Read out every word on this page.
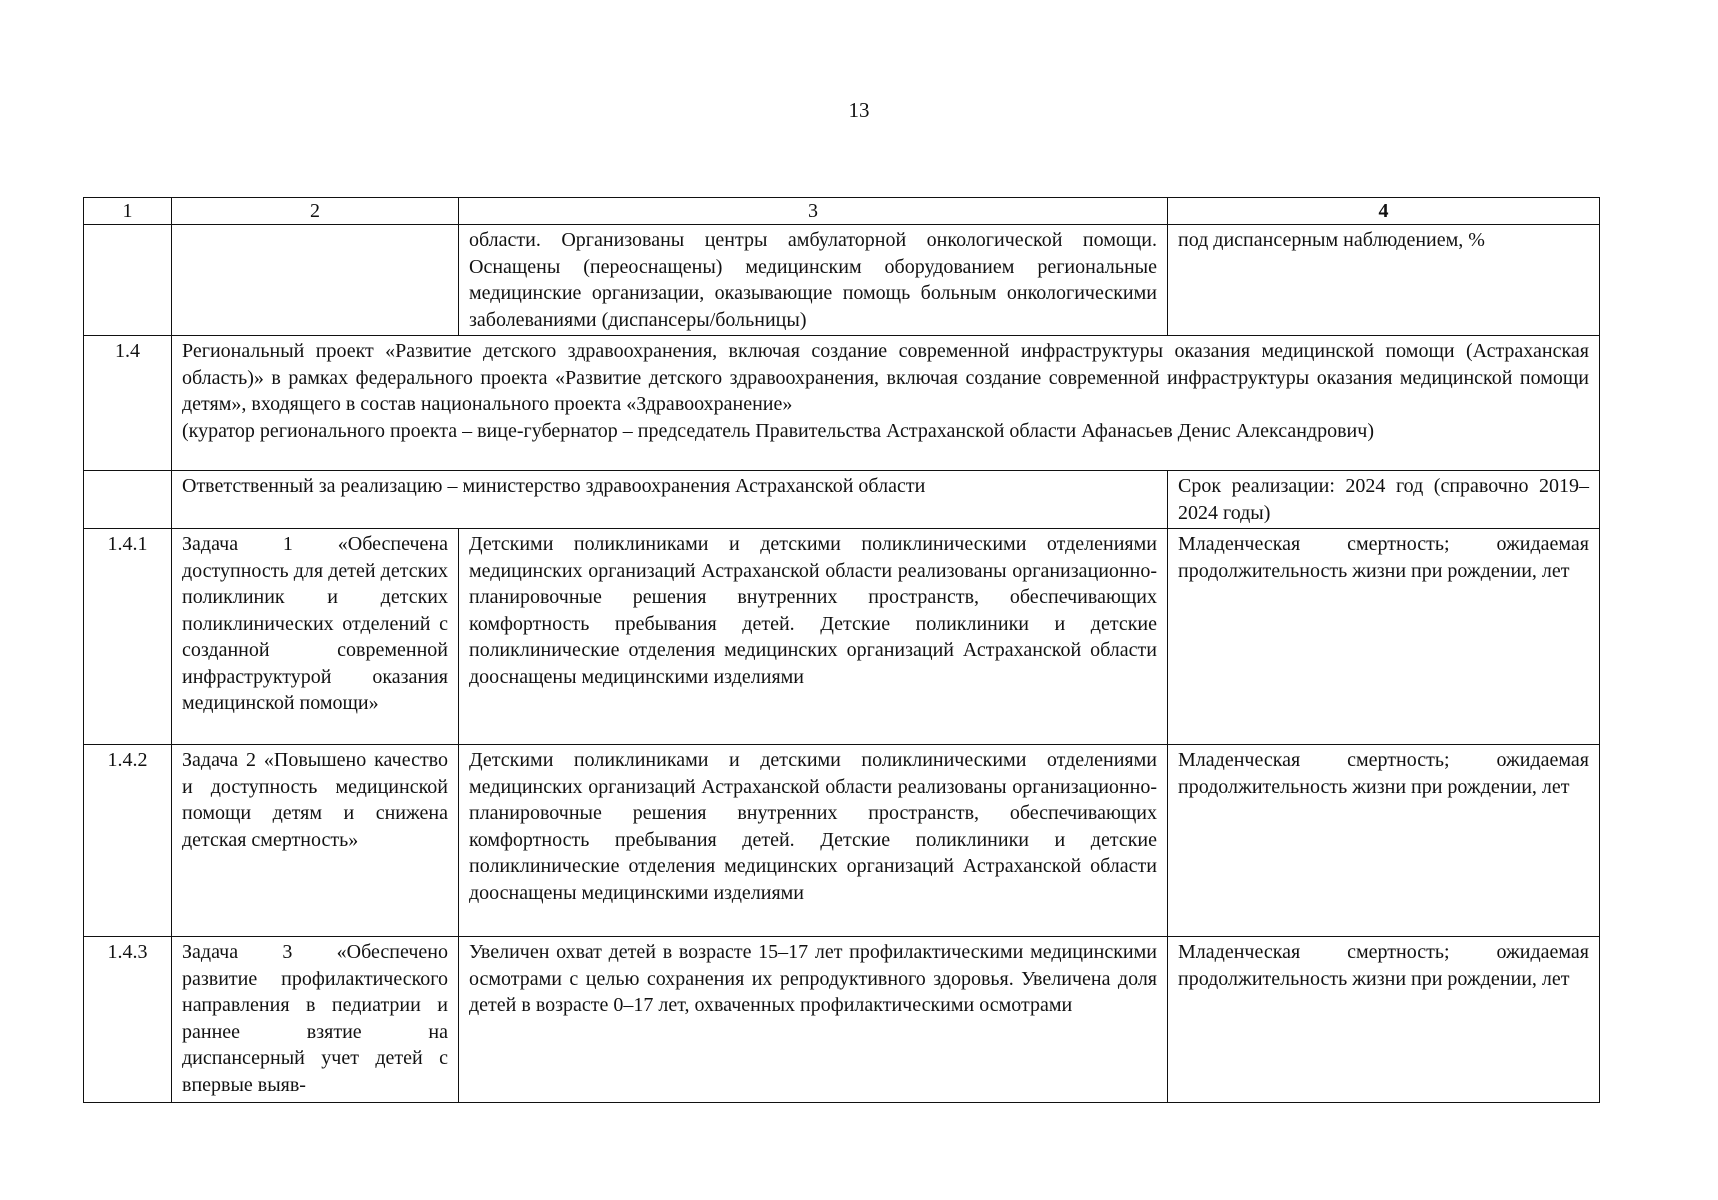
13
1	2	3	4
		области. Организованы центры амбулаторной онкологической помощи. Оснащены (переоснащены) медицинским оборудованием региональные медицинские организации, оказывающие помощь больным онкологическими заболеваниями (диспансеры/больницы)	под диспансерным наблюдением, %
1.4	Региональный проект «Развитие детского здравоохранения, включая создание современной инфраструктуры оказания медицинской помощи (Астраханская область)» в рамках федерального проекта «Развитие детского здравоохранения, включая создание современной инфраструктуры оказания медицинской помощи детям», входящего в состав национального проекта «Здравоохранение»
(куратор регионального проекта – вице-губернатор – председатель Правительства Астраханской области Афанасьев Денис Александрович)		

	Ответственный за реализацию – министерство здравоохранения Астраханской области		Срок реализации: 2024 год (справочно 2019–2024 годы)
1.4.1	Задача 1 «Обеспечена доступность для детей детских поликлиник и детских поликлинических отделений с созданной современной инфраструктурой оказания медицинской помощи»	Детскими поликлиниками и детскими поликлиническими отделениями медицинских организаций Астраханской области реализованы организационно-планировочные решения внутренних пространств, обеспечивающих комфортность пребывания детей. Детские поликлиники и детские поликлинические отделения медицинских организаций Астраханской области дооснащены медицинскими изделиями	Младенческая смертность; ожидаемая продолжительность жизни при рождении, лет
1.4.2	Задача 2 «Повышено качество и доступность медицинской помощи детям и снижена детская смертность»	Детскими поликлиниками и детскими поликлиническими отделениями медицинских организаций Астраханской области реализованы организационно-планировочные решения внутренних пространств, обеспечивающих комфортность пребывания детей. Детские поликлиники и детские поликлинические отделения медицинских организаций Астраханской области дооснащены медицинскими изделиями	Младенческая смертность; ожидаемая продолжительность жизни при рождении, лет
1.4.3	Задача 3 «Обеспечено развитие профилактического направления в педиатрии и раннее взятие на диспансерный учет детей с впервые выяв-	Увеличен охват детей в возрасте 15–17 лет профилактическими медицинскими осмотрами с целью сохранения их репродуктивного здоровья. Увеличена доля детей в возрасте 0–17 лет, охваченных профилактическими осмотрами	Младенческая смертность; ожидаемая продолжительность жизни при рождении, лет
